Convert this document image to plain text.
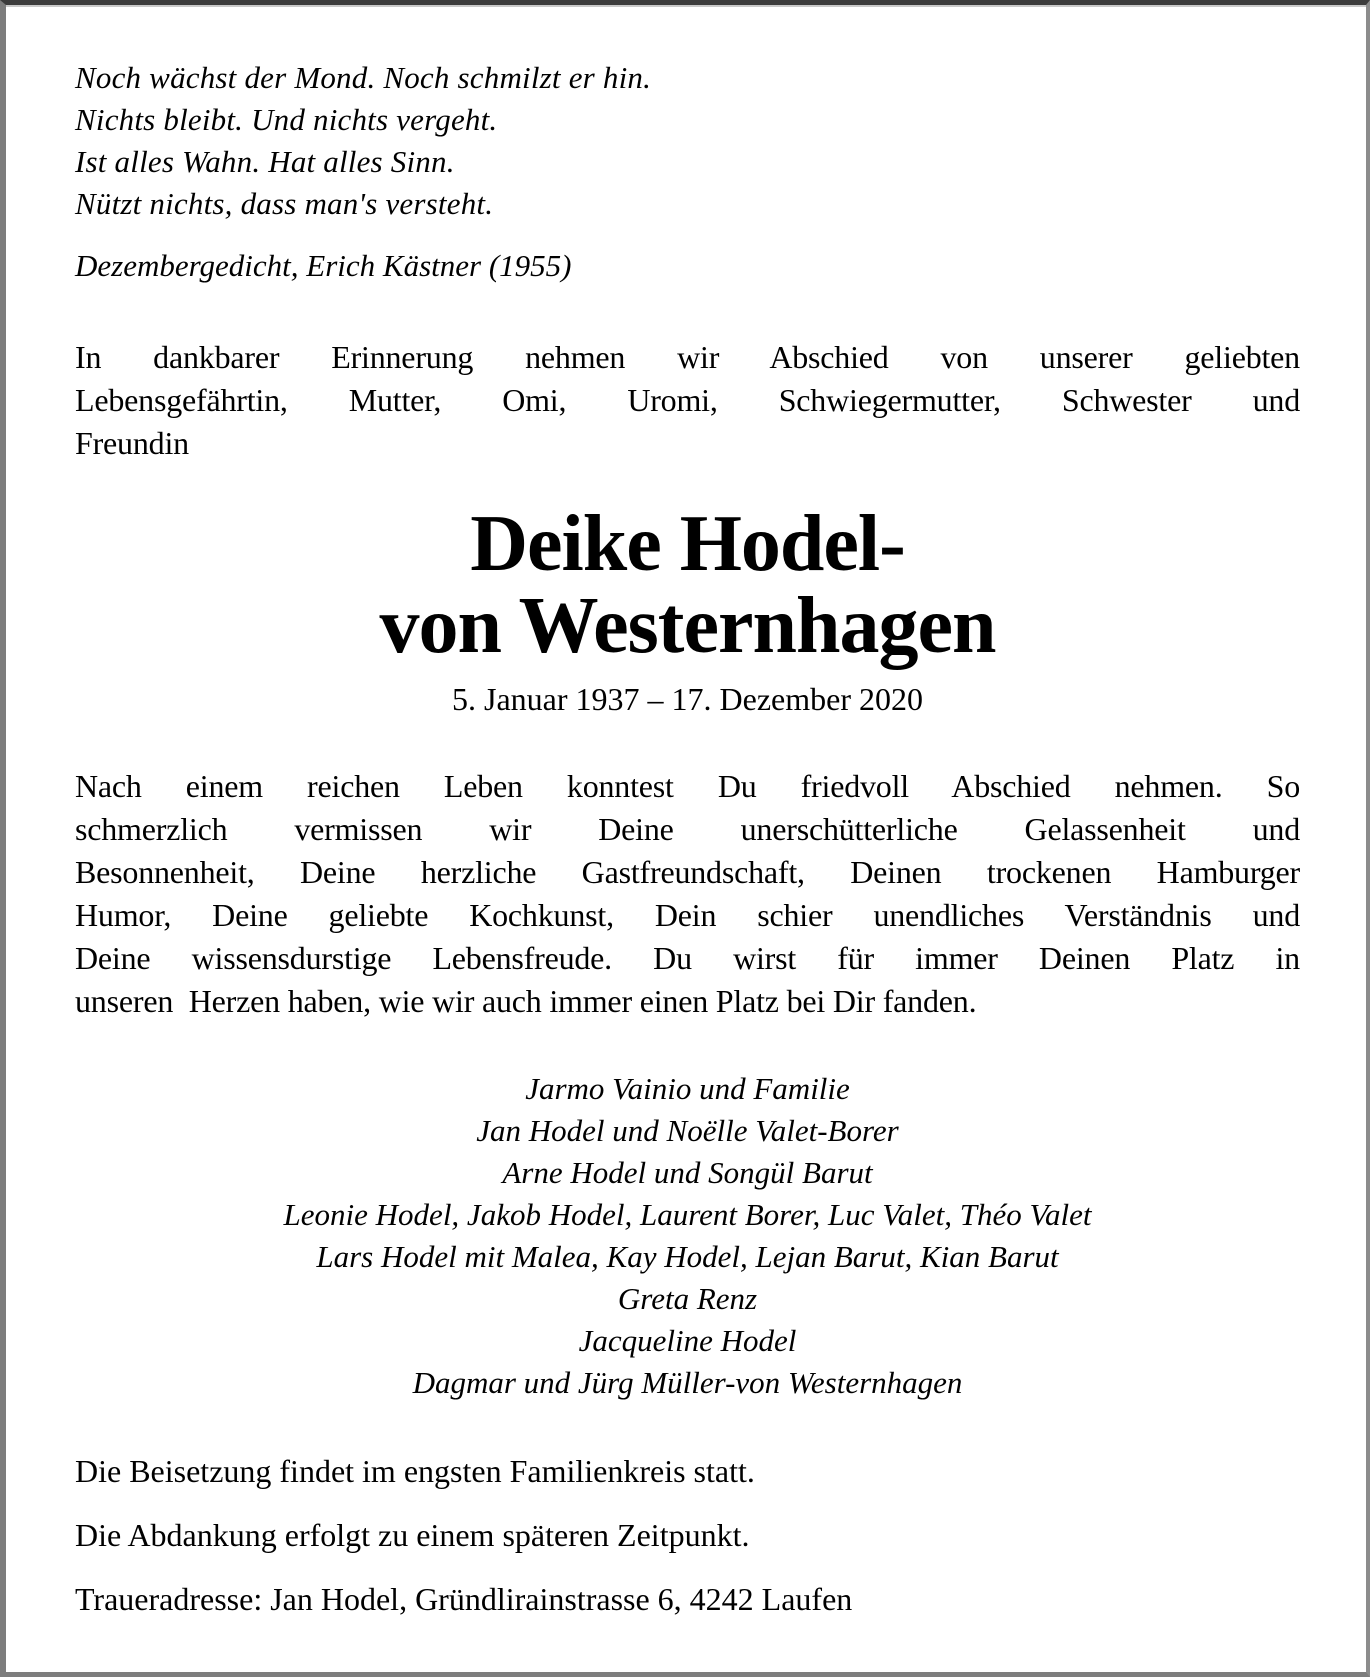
Noch wächst der Mond. Noch schmilzt er hin.
Nichts bleibt. Und nichts vergeht.
Ist alles Wahn. Hat alles Sinn.
Nützt nichts, dass man's versteht.
Dezembergedicht, Erich Kästner (1955)
In dankbarer Erinnerung nehmen wir Abschied von unserer geliebten
Lebensgefährtin, Mutter, Omi, Uromi, Schwiegermutter, Schwester und
Freundin
Deike Hodel-
von Westernhagen
5. Januar 1937 – 17. Dezember 2020
Nach einem reichen Leben konntest Du friedvoll Abschied nehmen. So
schmerzlich vermissen wir Deine unerschütterliche Gelassenheit und
Besonnenheit, Deine herzliche Gastfreundschaft, Deinen trockenen Hamburger
Humor, Deine geliebte Kochkunst, Dein schier unendliches Verständnis und
Deine wissensdurstige Lebensfreude. Du wirst für immer Deinen Platz in
unseren  Herzen haben, wie wir auch immer einen Platz bei Dir fanden.
Jarmo Vainio und Familie
Jan Hodel und Noëlle Valet-Borer
Arne Hodel und Songül Barut
Leonie Hodel, Jakob Hodel, Laurent Borer, Luc Valet, Théo Valet
Lars Hodel mit Malea, Kay Hodel, Lejan Barut, Kian Barut
Greta Renz
Jacqueline Hodel
Dagmar und Jürg Müller-von Westernhagen

Die Beisetzung findet im engsten Familienkreis statt.

Die Abdankung erfolgt zu einem späteren Zeitpunkt.

Traueradresse: Jan Hodel, Gründlirainstrasse 6, 4242 Laufen
